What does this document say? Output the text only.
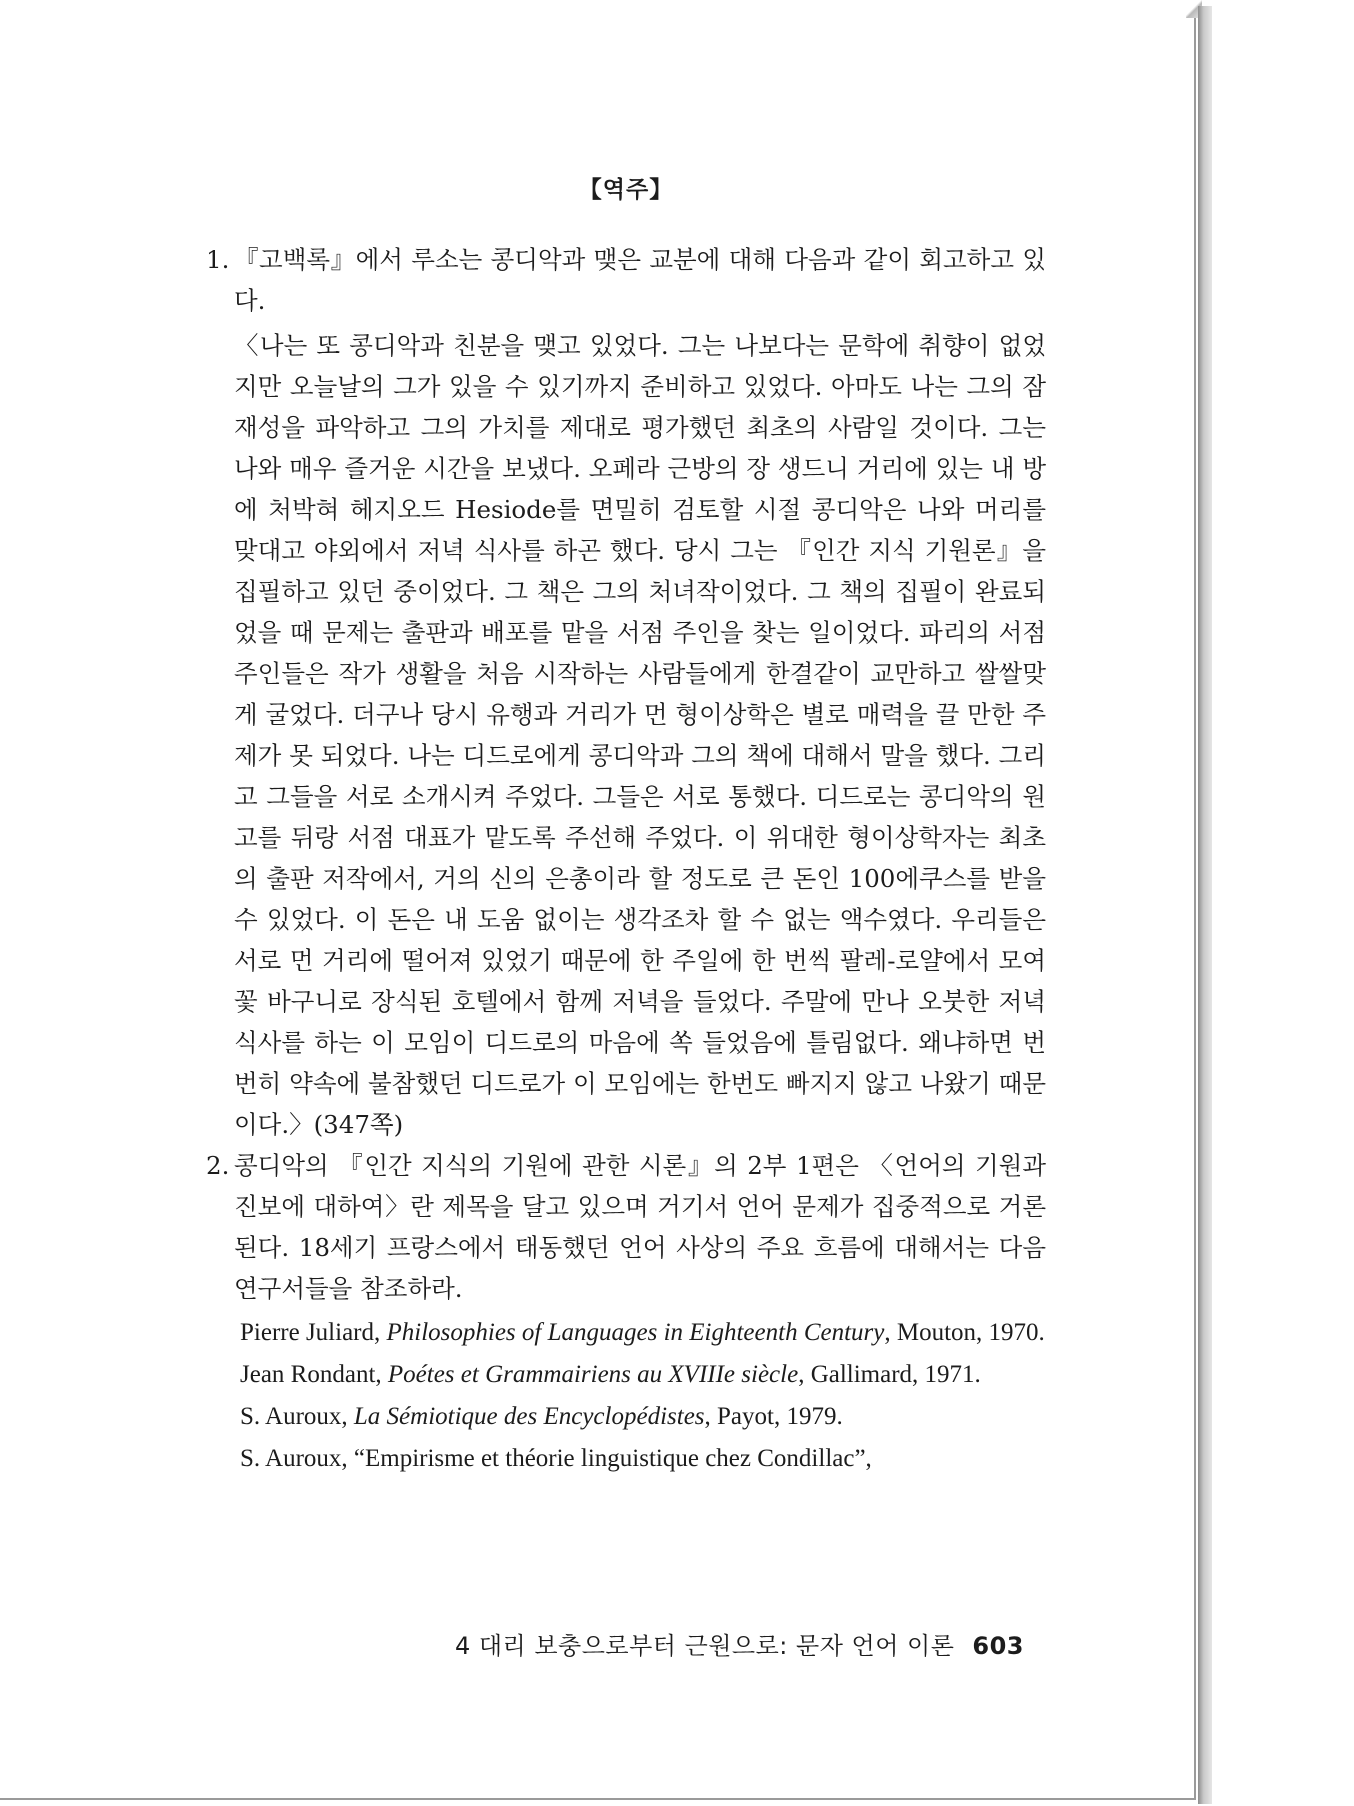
【역주】
1. 『고백록』에서 루소는 콩디악과 맺은 교분에 대해 다음과 같이 회고하고 있다.

〈나는 또 콩디악과 친분을 맺고 있었다. 그는 나보다는 문학에 취향이 없었지만 오늘날의 그가 있을 수 있기까지 준비하고 있었다. 아마도 나는 그의 잠재성을 파악하고 그의 가치를 제대로 평가했던 최초의 사람일 것이다. 그는 나와 매우 즐거운 시간을 보냈다. 오페라 근방의 장 생드니 거리에 있는 내 방에 처박혀 헤지오드 Hesiode를 면밀히 검토할 시절 콩디악은 나와 머리를 맞대고 야외에서 저녁 식사를 하곤 했다. 당시 그는 『인간 지식 기원론』을 집필하고 있던 중이었다. 그 책은 그의 처녀작이었다. 그 책의 집필이 완료되었을 때 문제는 출판과 배포를 맡을 서점 주인을 찾는 일이었다. 파리의 서점 주인들은 작가 생활을 처음 시작하는 사람들에게 한결같이 교만하고 쌀쌀맞게 굴었다. 더구나 당시 유행과 거리가 먼 형이상학은 별로 매력을 끌 만한 주제가 못 되었다. 나는 디드로에게 콩디악과 그의 책에 대해서 말을 했다. 그리고 그들을 서로 소개시켜 주었다. 그들은 서로 통했다. 디드로는 콩디악의 원고를 뒤랑 서점 대표가 맡도록 주선해 주었다. 이 위대한 형이상학자는 최초의 출판 저작에서, 거의 신의 은총이라 할 정도로 큰 돈인 100에쿠스를 받을 수 있었다. 이 돈은 내 도움 없이는 생각조차 할 수 없는 액수였다. 우리들은 서로 먼 거리에 떨어져 있었기 때문에 한 주일에 한 번씩 팔레-로얄에서 모여 꽃 바구니로 장식된 호텔에서 함께 저녁을 들었다. 주말에 만나 오붓한 저녁 식사를 하는 이 모임이 디드로의 마음에 쏙 들었음에 틀림없다. 왜냐하면 번번히 약속에 불참했던 디드로가 이 모임에는 한번도 빠지지 않고 나왔기 때문이다.〉(347쪽)

2. 콩디악의 『인간 지식의 기원에 관한 시론』의 2부 1편은 〈언어의 기원과 진보에 대하여〉란 제목을 달고 있으며 거기서 언어 문제가 집중적으로 거론된다. 18세기 프랑스에서 태동했던 언어 사상의 주요 흐름에 대해서는 다음 연구서들을 참조하라.

Pierre Juliard, Philosophies of Languages in Eighteenth Century, Mouton, 1970.

Jean Rondant, Poétes et Grammairiens au XVIIIe siècle, Gallimard, 1971.

S. Auroux, La Sémiotique des Encyclopédistes, Payot, 1979.

S. Auroux, “Empirisme et théorie linguistique chez Condillac”,

4 대리 보충으로부터 근원으로: 문자 언어 이론 603
